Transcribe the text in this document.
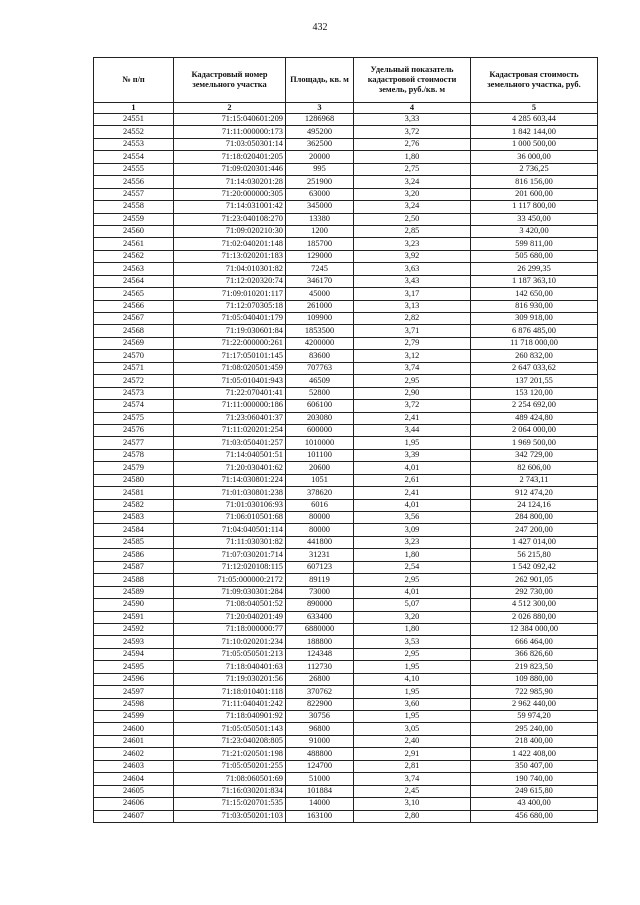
432
№ п/п	Кадастровый номер земельного участка	Площадь, кв. м	Удельный показатель кадастровой стоимости земель, руб./кв. м	Кадастровая стоимость земельного участка, руб.
1	2	3	4	5
24551	71:15:040601:209	1286968	3,33	4 285 603,44
24552	71:11:000000:173	495200	3,72	1 842 144,00
24553	71:03:050301:14	362500	2,76	1 000 500,00
24554	71:18:020401:205	20000	1,80	36 000,00
24555	71:09:020301:446	995	2,75	2 736,25
24556	71:14:030201:28	251900	3,24	816 156,00
24557	71:20:000000:305	63000	3,20	201 600,00
24558	71:14:031001:42	345000	3,24	1 117 800,00
24559	71:23:040108:270	13380	2,50	33 450,00
24560	71:09:020210:30	1200	2,85	3 420,00
24561	71:02:040201:148	185700	3,23	599 811,00
24562	71:13:020201:183	129000	3,92	505 680,00
24563	71:04:010301:82	7245	3,63	26 299,35
24564	71:12:020320:74	346170	3,43	1 187 363,10
24565	71:09:010201:117	45000	3,17	142 650,00
24566	71:12:070305:18	261000	3,13	816 930,00
24567	71:05:040401:179	109900	2,82	309 918,00
24568	71:19:030601:84	1853500	3,71	6 876 485,00
24569	71:22:000000:261	4200000	2,79	11 718 000,00
24570	71:17:050101:145	83600	3,12	260 832,00
24571	71:08:020501:459	707763	3,74	2 647 033,62
24572	71:05:010401:943	46509	2,95	137 201,55
24573	71:22:070401:41	52800	2,90	153 120,00
24574	71:11:000000:186	606100	3,72	2 254 692,00
24575	71:23:060401:37	203080	2,41	489 424,80
24576	71:11:020201:254	600000	3,44	2 064 000,00
24577	71:03:050401:257	1010000	1,95	1 969 500,00
24578	71:14:040501:51	101100	3,39	342 729,00
24579	71:20:030401:62	20600	4,01	82 606,00
24580	71:14:030801:224	1051	2,61	2 743,11
24581	71:01:030801:238	378620	2,41	912 474,20
24582	71:01:030106:93	6016	4,01	24 124,16
24583	71:06:010501:68	80000	3,56	284 800,00
24584	71:04:040501:114	80000	3,09	247 200,00
24585	71:11:030301:82	441800	3,23	1 427 014,00
24586	71:07:030201:714	31231	1,80	56 215,80
24587	71:12:020108:115	607123	2,54	1 542 092,42
24588	71:05:000000:2172	89119	2,95	262 901,05
24589	71:09:030301:284	73000	4,01	292 730,00
24590	71:08:040501:52	890000	5,07	4 512 300,00
24591	71:20:040201:49	633400	3,20	2 026 880,00
24592	71:18:000000:77	6880000	1,80	12 384 000,00
24593	71:10:020201:234	188800	3,53	666 464,00
24594	71:05:050501:213	124348	2,95	366 826,60
24595	71:18:040401:63	112730	1,95	219 823,50
24596	71:19:030201:56	26800	4,10	109 880,00
24597	71:18:010401:118	370762	1,95	722 985,90
24598	71:11:040401:242	822900	3,60	2 962 440,00
24599	71:18:040901:92	30756	1,95	59 974,20
24600	71:05:050501:143	96800	3,05	295 240,00
24601	71:23:040208:805	91000	2,40	218 400,00
24602	71:21:020501:198	488800	2,91	1 422 408,00
24603	71:05:050201:255	124700	2,81	350 407,00
24604	71:08:060501:69	51000	3,74	190 740,00
24605	71:16:030201:834	101884	2,45	249 615,80
24606	71:15:020701:535	14000	3,10	43 400,00
24607	71:03:050201:103	163100	2,80	456 680,00
